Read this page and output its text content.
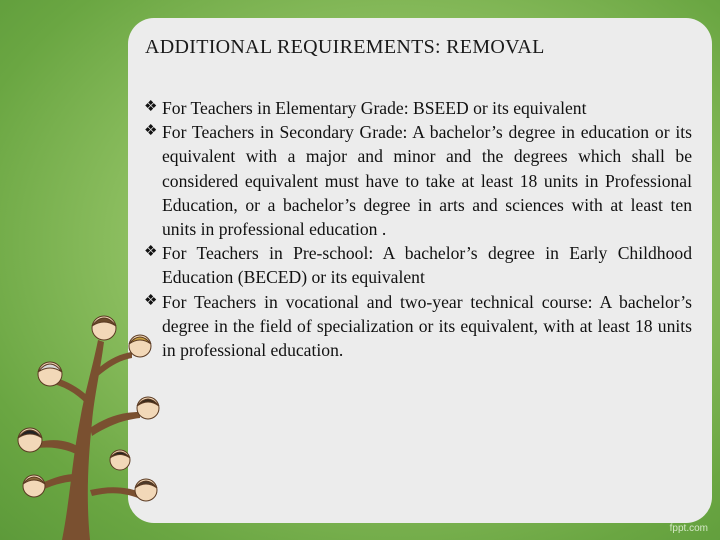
ADDITIONAL REQUIREMENTS: REMOVAL
❖ For Teachers in Elementary Grade: BSEED or its equivalent
❖ For Teachers in Secondary Grade: A bachelor’s degree in education or its equivalent with a major and minor and the degrees which shall be considered equivalent must have to take at least 18 units in Professional Education, or a bachelor’s degree in arts and sciences with at least ten units in professional education .
❖ For Teachers in Pre-school: A bachelor’s degree in Early Childhood Education (BECED) or its equivalent
❖ For Teachers in vocational and two-year technical course: A bachelor’s degree in the field of specialization or its equivalent, with at least 18 units in professional education.
fppt.com
